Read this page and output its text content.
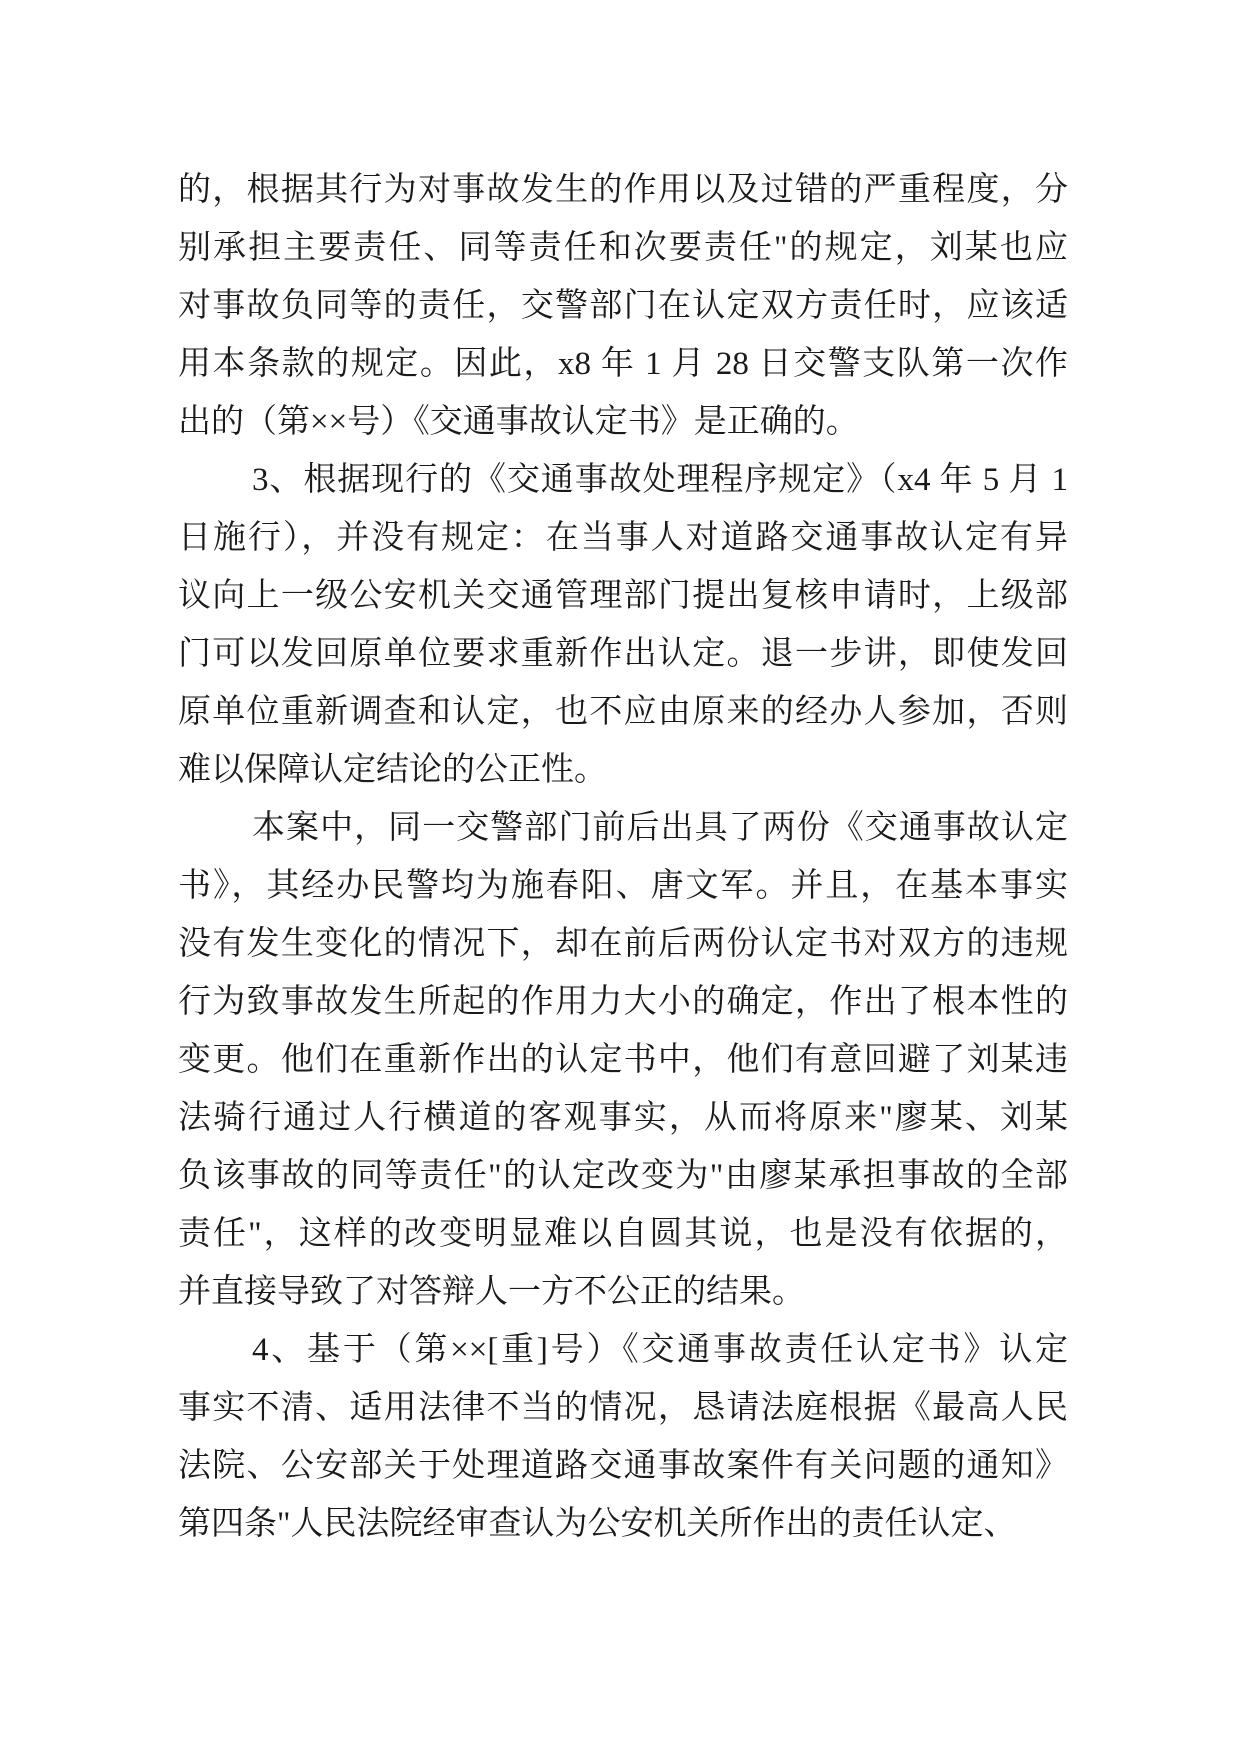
的，根据其行为对事故发生的作用以及过错的严重程度，分
别承担主要责任、同等责任和次要责任"的规定，刘某也应
对事故负同等的责任，交警部门在认定双方责任时，应该适
用本条款的规定。因此，x8 年 1 月 28 日交警支队第一次作
出的（第××号）《交通事故认定书》是正确的。
3、根据现行的《交通事故处理程序规定》（x4 年 5 月 1
日施行），并没有规定：在当事人对道路交通事故认定有异
议向上一级公安机关交通管理部门提出复核申请时，上级部
门可以发回原单位要求重新作出认定。退一步讲，即使发回
原单位重新调查和认定，也不应由原来的经办人参加，否则
难以保障认定结论的公正性。
本案中，同一交警部门前后出具了两份《交通事故认定
书》，其经办民警均为施春阳、唐文军。并且，在基本事实
没有发生变化的情况下，却在前后两份认定书对双方的违规
行为致事故发生所起的作用力大小的确定，作出了根本性的
变更。他们在重新作出的认定书中，他们有意回避了刘某违
法骑行通过人行横道的客观事实，从而将原来"廖某、刘某
负该事故的同等责任"的认定改变为"由廖某承担事故的全部
责任"，这样的改变明显难以自圆其说，也是没有依据的，
并直接导致了对答辩人一方不公正的结果。
4、基于（第××[重]号）《交通事故责任认定书》认定
事实不清、适用法律不当的情况，恳请法庭根据《最高人民
法院、公安部关于处理道路交通事故案件有关问题的通知》
第四条"人民法院经审查认为公安机关所作出的责任认定、
